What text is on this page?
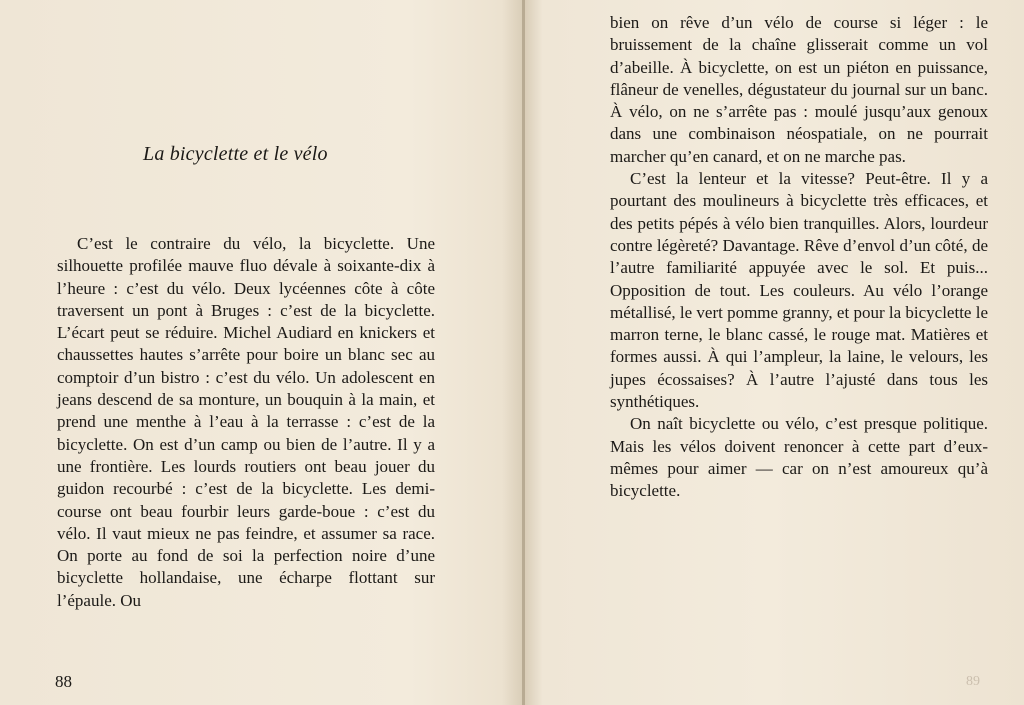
La bicyclette et le vélo

C’est le contraire du vélo, la bicyclette. Une silhouette profilée mauve fluo dévale à soixante-dix à l’heure : c’est du vélo. Deux lycéennes côte à côte traversent un pont à Bruges : c’est de la bicyclette. L’écart peut se réduire. Michel Audiard en knickers et chaussettes hautes s’arrête pour boire un blanc sec au comptoir d’un bistro : c’est du vélo. Un adolescent en jeans descend de sa monture, un bouquin à la main, et prend une menthe à l’eau à la terrasse : c’est de la bicyclette. On est d’un camp ou bien de l’autre. Il y a une frontière. Les lourds routiers ont beau jouer du guidon recourbé : c’est de la bicyclette. Les demi-course ont beau fourbir leurs garde-boue : c’est du vélo. Il vaut mieux ne pas feindre, et assumer sa race. On porte au fond de soi la perfection noire d’une bicyclette hollandaise, une écharpe flottant sur l’épaule. Ou

88

bien on rêve d’un vélo de course si léger : le bruissement de la chaîne glisserait comme un vol d’abeille. À bicyclette, on est un piéton en puissance, flâneur de venelles, dégustateur du journal sur un banc. À vélo, on ne s’arrête pas : moulé jusqu’aux genoux dans une combinaison néospatiale, on ne pourrait marcher qu’en canard, et on ne marche pas.

C’est la lenteur et la vitesse? Peut-être. Il y a pourtant des moulineurs à bicyclette très efficaces, et des petits pépés à vélo bien tranquilles. Alors, lourdeur contre légèreté? Davantage. Rêve d’envol d’un côté, de l’autre familiarité appuyée avec le sol. Et puis... Opposition de tout. Les couleurs. Au vélo l’orange métallisé, le vert pomme granny, et pour la bicyclette le marron terne, le blanc cassé, le rouge mat. Matières et formes aussi. À qui l’ampleur, la laine, le velours, les jupes écossaises? À l’autre l’ajusté dans tous les synthétiques.

On naît bicyclette ou vélo, c’est presque politique. Mais les vélos doivent renoncer à cette part d’eux-mêmes pour aimer — car on n’est amoureux qu’à bicyclette.

89
